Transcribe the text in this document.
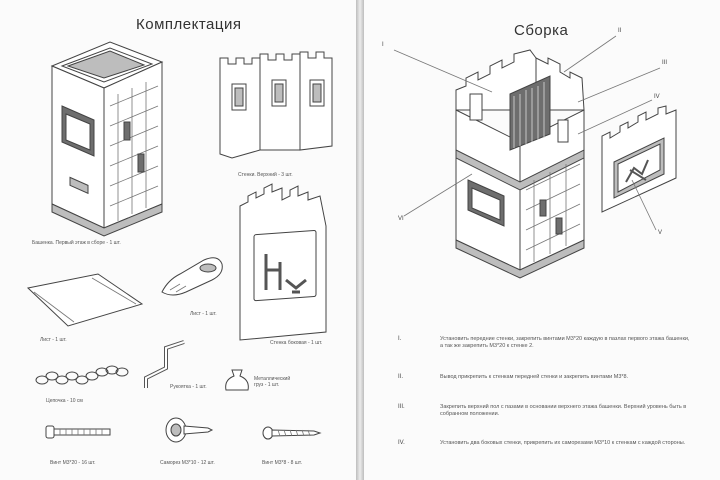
Комплектация
Башенка. Первый этаж в сборе - 1 шт.
Стенки. Верхний - 3 шт.
Стенка боковая - 1 шт.
Лист - 1 шт.
Лист - 1 шт.
Цепочка - 10 см
Рукоятка - 1 шт.
Металлический груз - 1 шт.
Винт М3*20 - 16 шт.	Саморез М3*10 - 12 шт.	Винт М3*8 - 8 шт.
Сборка
I
II
III
IV
V
VI
I.	Установить передние стенки, закрепить винтами М3*20 каждую в пазлах первого этажа башенки, а так же закрепить М3*20 к стенке 2.
II.	Вывод прикрепить к стенкам передней стенки и закрепить винтами М3*8.
III.	Закрепить верхний пол с пазами в основании верхнего этажа башенки. Верхний уровень быть в собранном положении.
IV.	Установить два боковых стенки, прикрепить их саморезами М3*10 к стенкам с каждой стороны.
